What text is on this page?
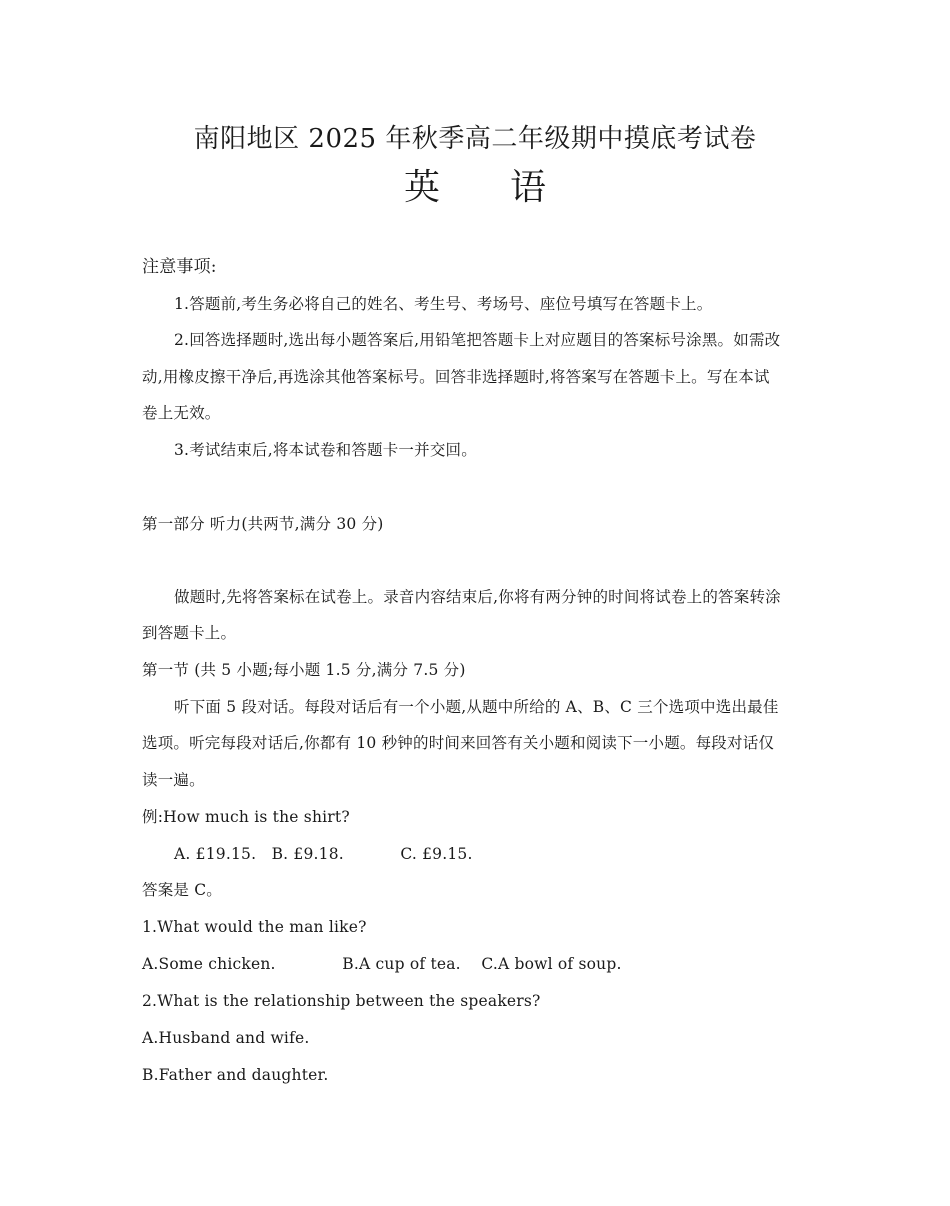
南阳地区 2025 年秋季高二年级期中摸底考试卷
英 语
注意事项:
1.答题前,考生务必将自己的姓名、考生号、考场号、座位号填写在答题卡上。
2.回答选择题时,选出每小题答案后,用铅笔把答题卡上对应题目的答案标号涂黑。如需改
动,用橡皮擦干净后,再选涂其他答案标号。回答非选择题时,将答案写在答题卡上。写在本试
卷上无效。
3.考试结束后,将本试卷和答题卡一并交回。
第一部分 听力(共两节,满分 30 分)
做题时,先将答案标在试卷上。录音内容结束后,你将有两分钟的时间将试卷上的答案转涂
到答题卡上。
第一节 (共 5 小题;每小题 1.5 分,满分 7.5 分)
听下面 5 段对话。每段对话后有一个小题,从题中所给的 A、B、C 三个选项中选出最佳
选项。听完每段对话后,你都有 10 秒钟的时间来回答有关小题和阅读下一小题。每段对话仅
读一遍。
例:How much is the shirt?
A. £19.15.   B. £9.18.           C. £9.15.
答案是 C。
1.What would the man like?
A.Some chicken.             B.A cup of tea.    C.A bowl of soup.
2.What is the relationship between the speakers?
A.Husband and wife.
B.Father and daughter.
